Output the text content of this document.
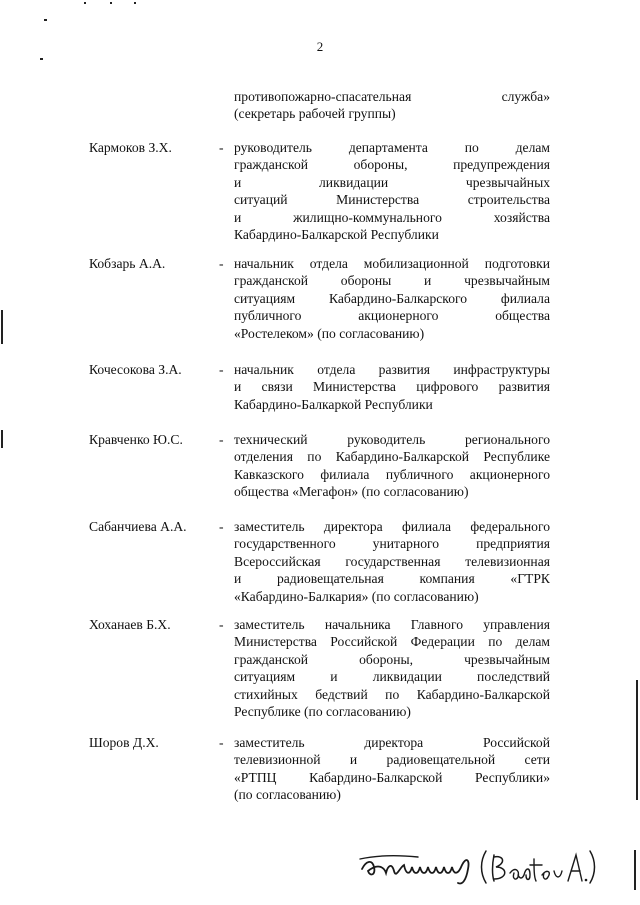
2
противопожарно-спасательная служба»
(секретарь рабочей группы)
Кармоков З.Х.	- руководитель департамента по делам
гражданской обороны, предупреждения
и ликвидации чрезвычайных
ситуаций Министерства строительства
и жилищно-коммунального хозяйства
Кабардино-Балкарской Республики
Кобзарь А.А.	- начальник отдела мобилизационной подготовки
гражданской обороны и чрезвычайным
ситуациям Кабардино-Балкарского филиала
публичного акционерного общества
«Ростелеком» (по согласованию)
Кочесокова З.А.	- начальник отдела развития инфраструктуры
и связи Министерства цифрового развития
Кабардино-Балкаркой Республики
Кравченко Ю.С.	- технический руководитель регионального
отделения по Кабардино-Балкарской Республике
Кавказского филиала публичного акционерного
общества «Мегафон» (по согласованию)
Сабанчиева А.А.	- заместитель директора филиала федерального
государственного унитарного предприятия
Всероссийская государственная телевизионная
и радиовещательная компания «ГТРК
«Кабардино-Балкария» (по согласованию)
Хоханаев Б.Х.	- заместитель начальника Главного управления
Министерства Российской Федерации по делам
гражданской обороны, чрезвычайным
ситуациям и ликвидации последствий
стихийных бедствий по Кабардино-Балкарской
Республике (по согласованию)
Шоров Д.Х.	- заместитель директора Российской
телевизионной и радиовещательной сети
«РТПЦ Кабардино-Балкарской Республики»
(по согласованию)
